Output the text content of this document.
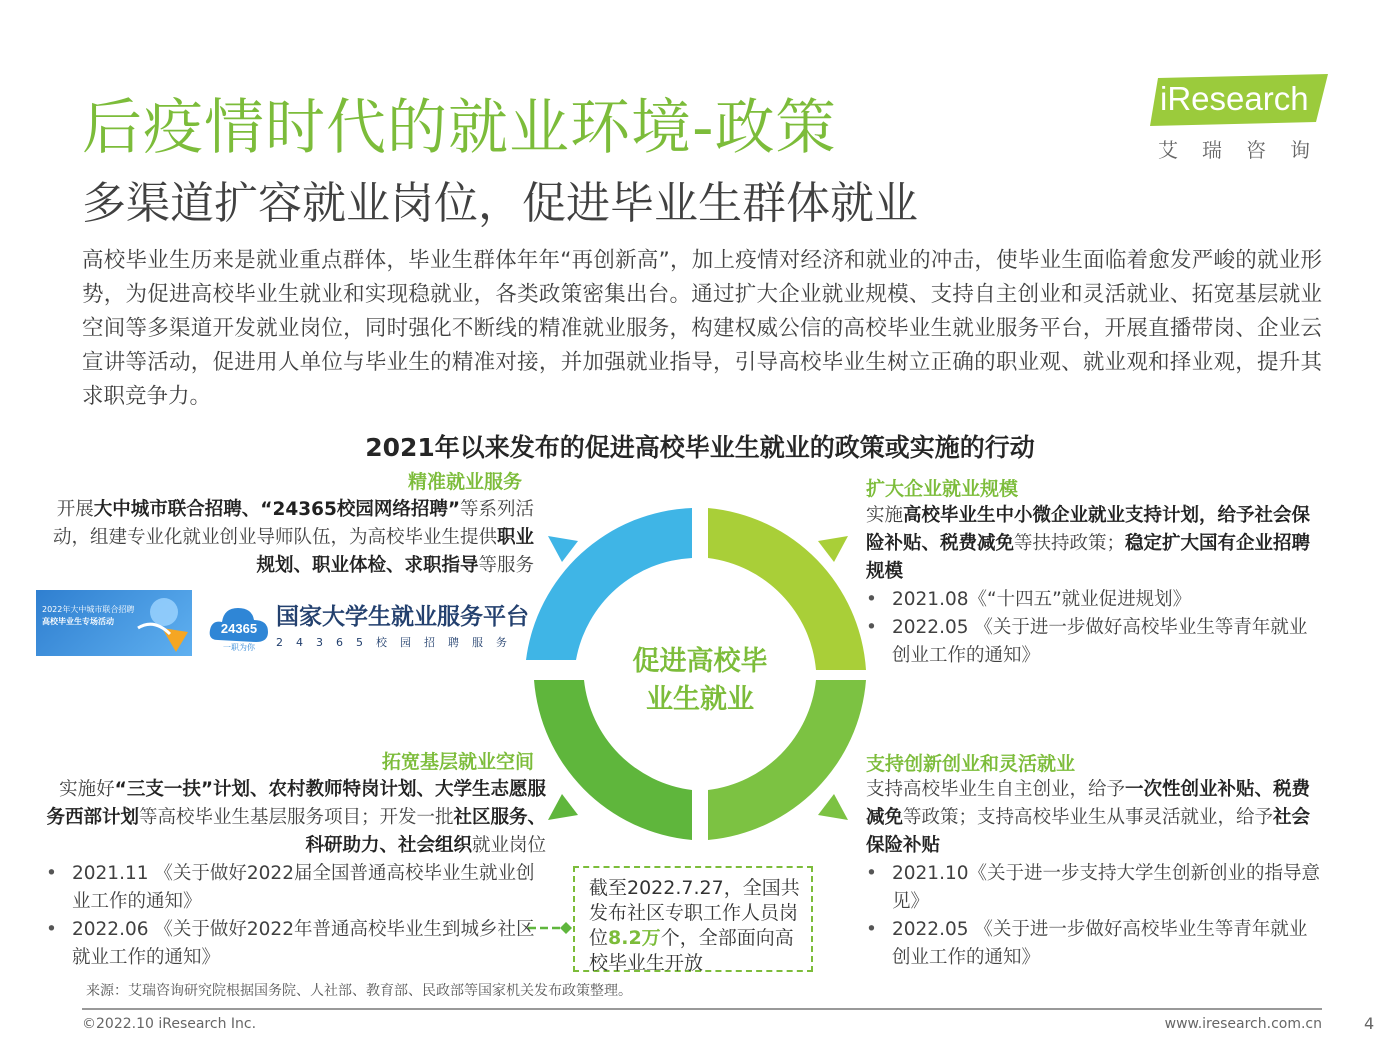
后疫情时代的就业环境-政策
多渠道扩容就业岗位，促进毕业生群体就业
iResearch
艾瑞咨询
高校毕业生历来是就业重点群体，毕业生群体年年“再创新高”，加上疫情对经济和就业的冲击，使毕业生面临着愈发严峻的就业形势，为促进高校毕业生就业和实现稳就业，各类政策密集出台。通过扩大企业就业规模、支持自主创业和灵活就业、拓宽基层就业空间等多渠道开发就业岗位，同时强化不断线的精准就业服务，构建权威公信的高校毕业生就业服务平台，开展直播带岗、企业云宣讲等活动，促进用人单位与毕业生的精准对接，并加强就业指导，引导高校毕业生树立正确的职业观、就业观和择业观，提升其求职竞争力。
2021年以来发布的促进高校毕业生就业的政策或实施的行动
促进高校毕业生就业
精准就业服务
开展大中城市联合招聘、“24365校园网络招聘”等系列活动，组建专业化就业创业导师队伍，为高校毕业生提供职业规划、职业体检、求职指导等服务
2022年大中城市联合招聘
高校毕业生专场活动	24365
一职为你
国家大学生就业服务平台
24365校园招聘服务
扩大企业就业规模
实施高校毕业生中小微企业就业支持计划，给予社会保险补贴、税费减免等扶持政策；稳定扩大国有企业招聘规模
• 2021.08《“十四五”就业促进规划》
• 2022.05 《关于进一步做好高校毕业生等青年就业创业工作的通知》
拓宽基层就业空间
实施好“三支一扶”计划、农村教师特岗计划、大学生志愿服务西部计划等高校毕业生基层服务项目；开发一批社区服务、科研助力、社会组织就业岗位
• 2021.11 《关于做好2022届全国普通高校毕业生就业创业工作的通知》
• 2022.06 《关于做好2022年普通高校毕业生到城乡社区就业工作的通知》
支持创新创业和灵活就业
支持高校毕业生自主创业，给予一次性创业补贴、税费减免等政策；支持高校毕业生从事灵活就业，给予社会保险补贴
• 2021.10《关于进一步支持大学生创新创业的指导意见》
• 2022.05 《关于进一步做好高校毕业生等青年就业创业工作的通知》
截至2022.7.27，全国共发布社区专职工作人员岗位8.2万个，全部面向高校毕业生开放
来源：艾瑞咨询研究院根据国务院、人社部、教育部、民政部等国家机关发布政策整理。
©2022.10 iResearch Inc.	www.iresearch.com.cn	4
